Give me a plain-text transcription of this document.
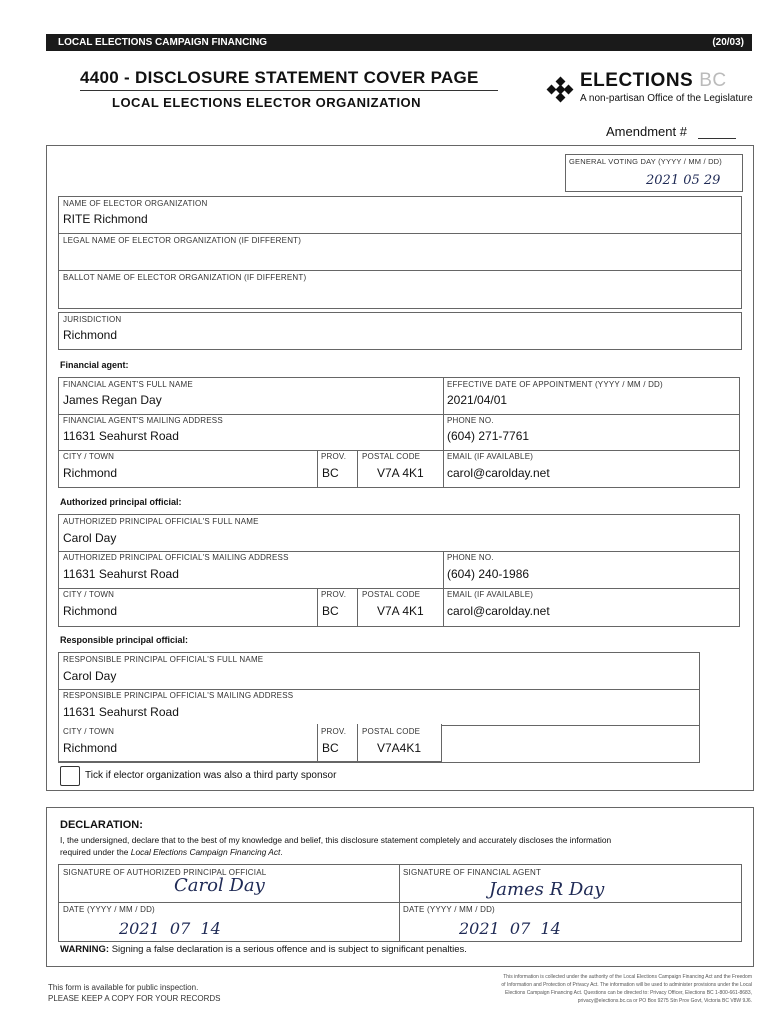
LOCAL ELECTIONS CAMPAIGN FINANCING	(20/03)
4400 - DISCLOSURE STATEMENT COVER PAGE
LOCAL ELECTIONS ELECTOR ORGANIZATION
ELECTIONS BC
A non-partisan Office of the Legislature
Amendment #
GENERAL VOTING DAY (YYYY / MM / DD)
2021 05 29
NAME OF ELECTOR ORGANIZATION
RITE Richmond
LEGAL NAME OF ELECTOR ORGANIZATION (IF DIFFERENT)
BALLOT NAME OF ELECTOR ORGANIZATION (IF DIFFERENT)
JURISDICTION
Richmond
Financial agent:
FINANCIAL AGENT'S FULL NAME
James Regan Day
EFFECTIVE DATE OF APPOINTMENT (YYYY / MM / DD)
2021/04/01
FINANCIAL AGENT'S MAILING ADDRESS
11631 Seahurst Road
PHONE NO.
(604) 271-7761
CITY / TOWN
Richmond
PROV.
BC
POSTAL CODE
V7A 4K1
EMAIL (IF AVAILABLE)
carol@carolday.net
Authorized principal official:
AUTHORIZED PRINCIPAL OFFICIAL'S FULL NAME
Carol Day
AUTHORIZED PRINCIPAL OFFICIAL'S MAILING ADDRESS
11631 Seahurst Road
PHONE NO.
(604) 240-1986
CITY / TOWN
Richmond
PROV.
BC
POSTAL CODE
V7A 4K1
EMAIL (IF AVAILABLE)
carol@carolday.net
Responsible principal official:
RESPONSIBLE PRINCIPAL OFFICIAL'S FULL NAME
Carol Day
RESPONSIBLE PRINCIPAL OFFICIAL'S MAILING ADDRESS
11631 Seahurst Road
CITY / TOWN
Richmond
PROV.
BC
POSTAL CODE
V7A4K1
Tick if elector organization was also a third party sponsor
DECLARATION:
I, the undersigned, declare that to the best of my knowledge and belief, this disclosure statement completely and accurately discloses the information
required under the Local Elections Campaign Financing Act.
SIGNATURE OF AUTHORIZED PRINCIPAL OFFICIAL
Carol Day
SIGNATURE OF FINANCIAL AGENT
James R Day
DATE (YYYY / MM / DD)
2021  07  14
DATE (YYYY / MM / DD)
2021  07  14
WARNING: Signing a false declaration is a serious offence and is subject to significant penalties.
This form is available for public inspection.
PLEASE KEEP A COPY FOR YOUR RECORDS
This information is collected under the authority of the Local Elections Campaign Financing Act and the Freedom
of Information and Protection of Privacy Act. The information will be used to administer provisions under the Local
Elections Campaign Financing Act. Questions can be directed to: Privacy Officer, Elections BC 1-800-661-8683,
privacy@elections.bc.ca or PO Box 9275 Stn Prov Govt, Victoria BC V8W 9J6.
